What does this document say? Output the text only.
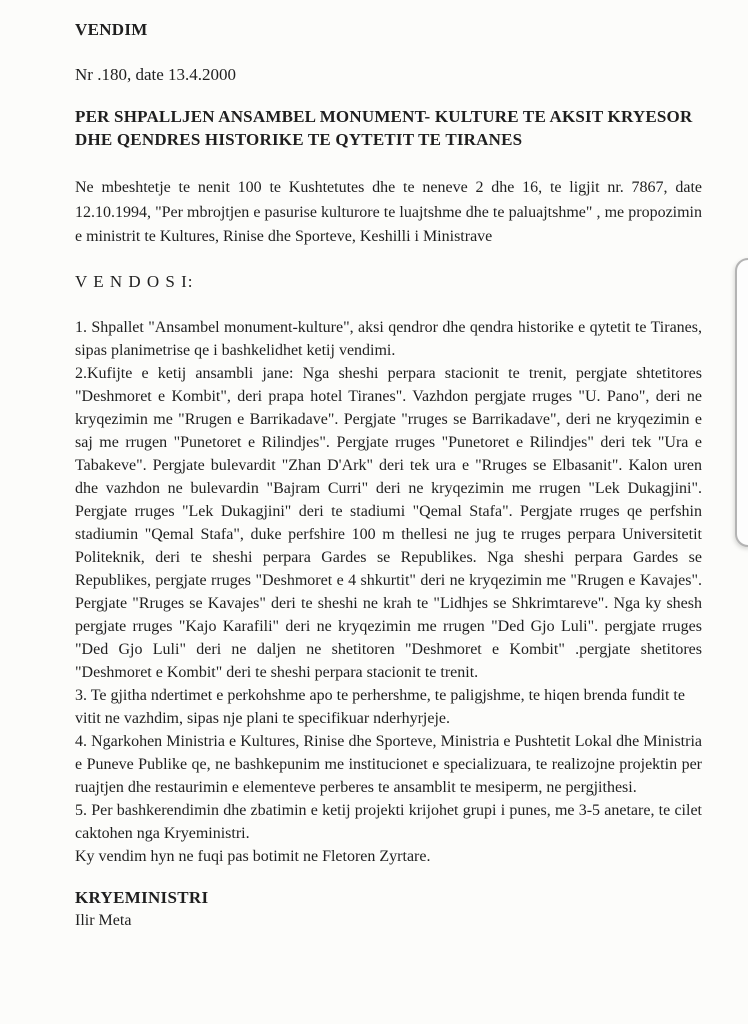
VENDIM

Nr .180, date 13.4.2000

PER SHPALLJEN ANSAMBEL MONUMENT- KULTURE TE AKSIT KRYESOR
DHE QENDRES HISTORIKE TE QYTETIT TE TIRANES

Ne mbeshtetje te nenit 100 te Kushtetutes dhe te neneve 2 dhe 16, te ligjit nr. 7867, date 12.10.1994, "Per mbrojtjen e pasurise kulturore te luajtshme dhe te paluajtshme" , me propozimin e ministrit te Kultures, Rinise dhe Sporteve, Keshilli i Ministrave

V E N D O S I:

1. Shpallet "Ansambel monument-kulture", aksi qendror dhe qendra historike e qytetit te Tiranes, sipas planimetrise qe i bashkelidhet ketij vendimi.

2.Kufijte e ketij ansambli jane: Nga sheshi perpara stacionit te trenit, pergjate shtetitores "Deshmoret e Kombit", deri prapa hotel Tiranes". Vazhdon pergjate rruges "U. Pano", deri ne kryqezimin me "Rrugen e Barrikadave". Pergjate "rruges se Barrikadave", deri ne kryqezimin e saj me rrugen "Punetoret e Rilindjes". Pergjate rruges "Punetoret e Rilindjes" deri tek "Ura e Tabakeve". Pergjate bulevardit "Zhan D'Ark" deri tek ura e "Rruges se Elbasanit". Kalon uren dhe vazhdon ne bulevardin "Bajram Curri" deri ne kryqezimin me rrugen "Lek Dukagjini". Pergjate rruges "Lek Dukagjini" deri te stadiumi "Qemal Stafa". Pergjate rruges qe perfshin stadiumin "Qemal Stafa", duke perfshire 100 m thellesi ne jug te rruges perpara Universitetit Politeknik, deri te sheshi perpara Gardes se Republikes. Nga sheshi perpara Gardes se Republikes, pergjate rruges "Deshmoret e 4 shkurtit" deri ne kryqezimin me "Rrugen e Kavajes". Pergjate "Rruges se Kavajes" deri te sheshi ne krah te "Lidhjes se Shkrimtareve". Nga ky shesh pergjate rruges "Kajo Karafili" deri ne kryqezimin me rrugen "Ded Gjo Luli". pergjate rruges "Ded Gjo Luli" deri ne daljen ne shetitoren "Deshmoret e Kombit" .pergjate shetitores "Deshmoret e Kombit" deri te sheshi perpara stacionit te trenit.

3. Te gjitha ndertimet e perkohshme apo te perhershme, te paligjshme, te hiqen brenda fundit te vitit ne vazhdim, sipas nje plani te specifikuar nderhyrjeje.

4. Ngarkohen Ministria e Kultures, Rinise dhe Sporteve, Ministria e Pushtetit Lokal dhe Ministria e Puneve Publike qe, ne bashkepunim me institucionet e specializuara, te realizojne projektin per ruajtjen dhe restaurimin e elementeve perberes te ansamblit te mesiperm, ne pergjithesi.

5. Per bashkerendimin dhe zbatimin e ketij projekti krijohet grupi i punes, me 3-5 anetare, te cilet caktohen nga Kryeministri.

Ky vendim hyn ne fuqi pas botimit ne Fletoren Zyrtare.

KRYEMINISTRI

Ilir Meta
